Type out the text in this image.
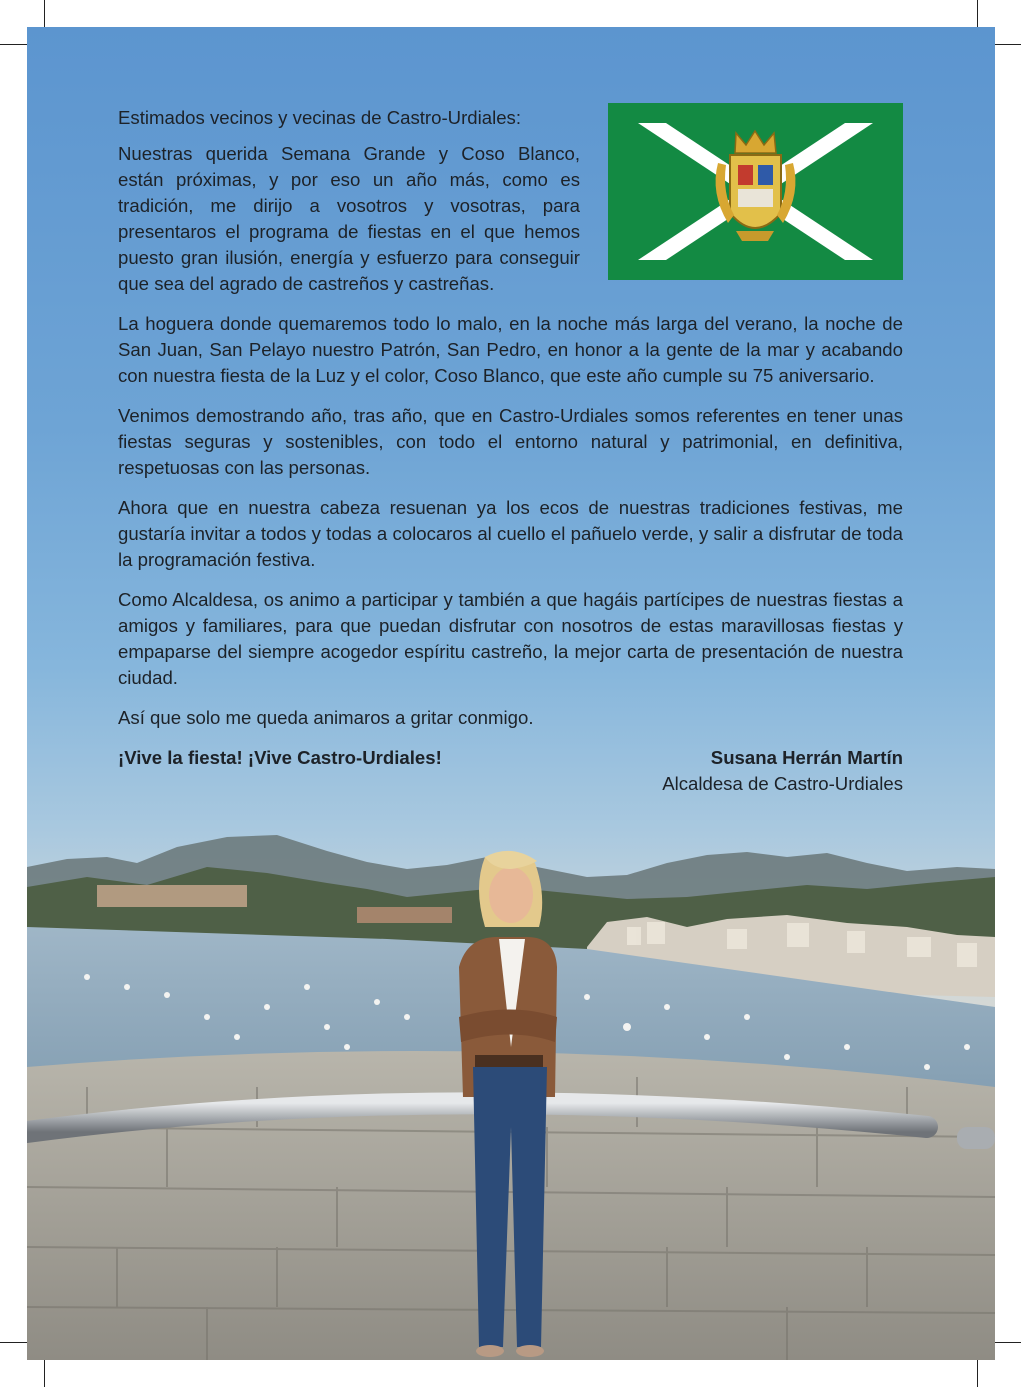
Estimados vecinos y vecinas de Castro-Urdiales:

Nuestras querida Semana Grande y Coso Blanco, están próximas, y por eso un año más, como es tradición, me dirijo a vosotros y vosotras, para presentaros el programa de fiestas en el que hemos puesto gran ilusión, energía y esfuerzo para conseguir que sea del agrado de castreños y castreñas.

La hoguera donde quemaremos todo lo malo, en la noche más larga del verano, la noche de San Juan, San Pelayo nuestro Patrón, San Pedro, en honor a la gente de la mar y acabando con nuestra fiesta de la Luz y el color, Coso Blanco, que este año cumple su 75 aniversario.

Venimos demostrando año, tras año, que en Castro-Urdiales somos referentes en tener unas fiestas seguras y sostenibles, con todo el entorno natural y patrimonial, en definitiva, respetuosas con las personas.

Ahora que en nuestra cabeza resuenan ya los ecos de nuestras tradiciones festivas, me gustaría invitar a todos y todas a colocaros al cuello el pañuelo verde, y salir a disfrutar de toda la programación festiva.

Como Alcaldesa, os animo a participar y también a que hagáis partícipes de nuestras fiestas a amigos y familiares, para que puedan disfrutar con nosotros de estas maravillosas fiestas y empaparse del siempre acogedor espíritu castreño, la mejor carta de presentación de nuestra ciudad.

Así que solo me queda animaros a gritar conmigo.

¡Vive la fiesta! ¡Vive Castro-Urdiales!	Susana Herrán Martín
Alcaldesa de Castro-Urdiales
